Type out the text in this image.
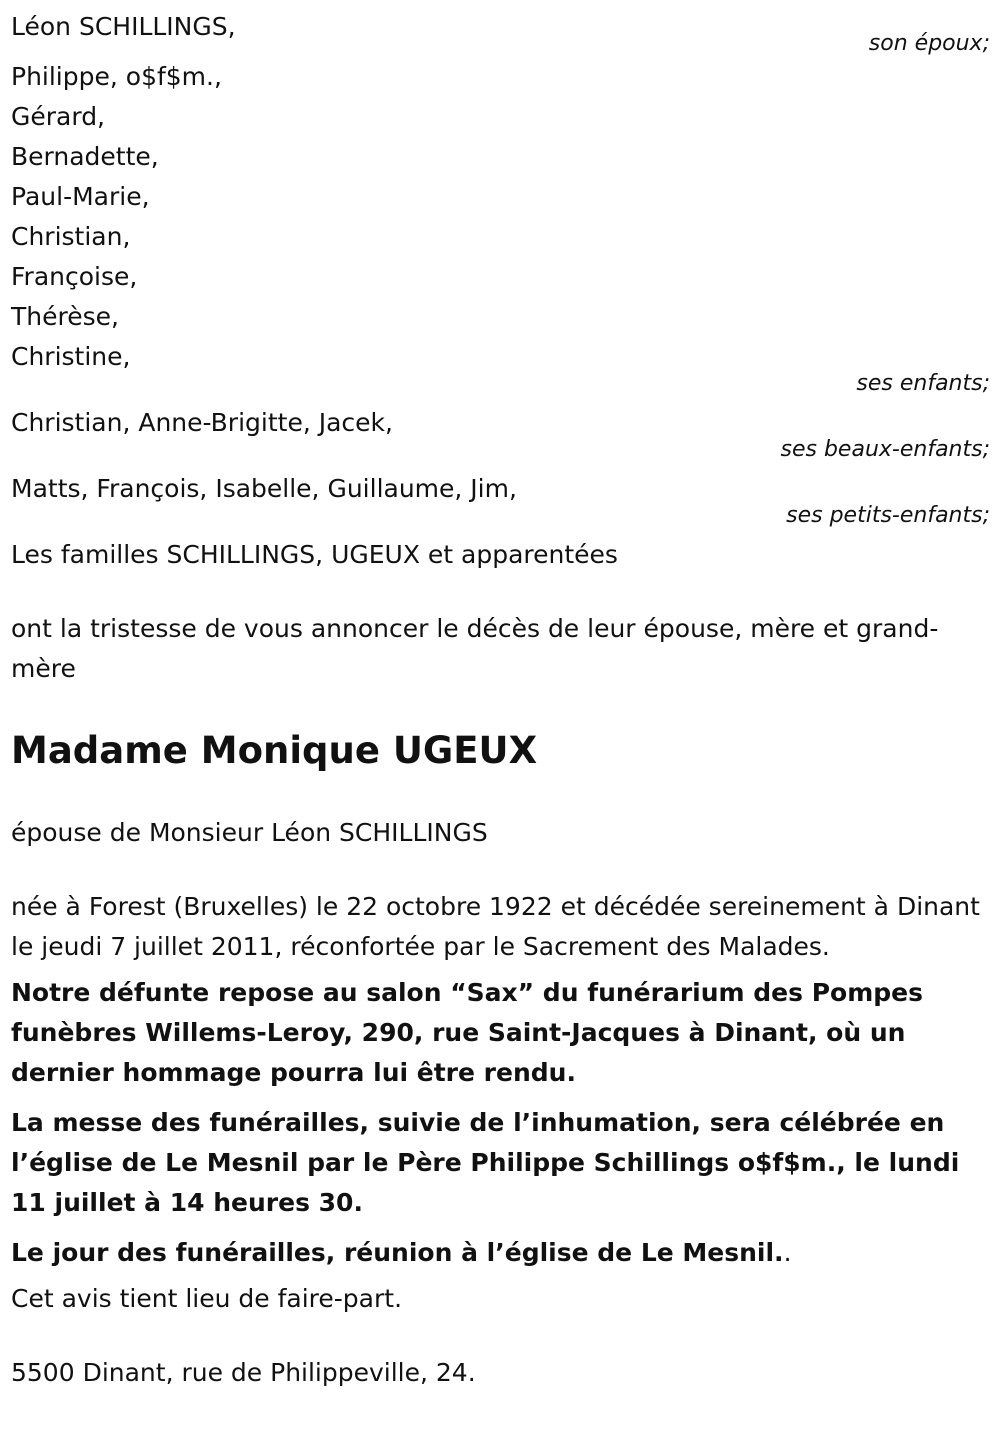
Léon SCHILLINGS,
son époux;
Philippe, o$f$m.,
Gérard,
Bernadette,
Paul-Marie,
Christian,
Françoise,
Thérèse,
Christine,
ses enfants;
Christian, Anne-Brigitte, Jacek,
ses beaux-enfants;
Matts, François, Isabelle, Guillaume, Jim,
ses petits-enfants;
Les familles SCHILLINGS, UGEUX et apparentées
ont la tristesse de vous annoncer le décès de leur épouse, mère et grand-mère
Madame Monique UGEUX
épouse de Monsieur Léon SCHILLINGS
née à Forest (Bruxelles) le 22 octobre 1922 et décédée sereinement à Dinant le jeudi 7 juillet 2011, réconfortée par le Sacrement des Malades.
Notre défunte repose au salon “Sax” du funérarium des Pompes funèbres Willems-Leroy, 290, rue Saint-Jacques à Dinant, où un dernier hommage pourra lui être rendu.
La messe des funérailles, suivie de l’inhumation, sera célébrée en l’église de Le Mesnil par le Père Philippe Schillings o$f$m., le lundi 11 juillet à 14 heures 30.
Le jour des funérailles, réunion à l’église de Le Mesnil..
Cet avis tient lieu de faire-part.
5500 Dinant, rue de Philippeville, 24.
